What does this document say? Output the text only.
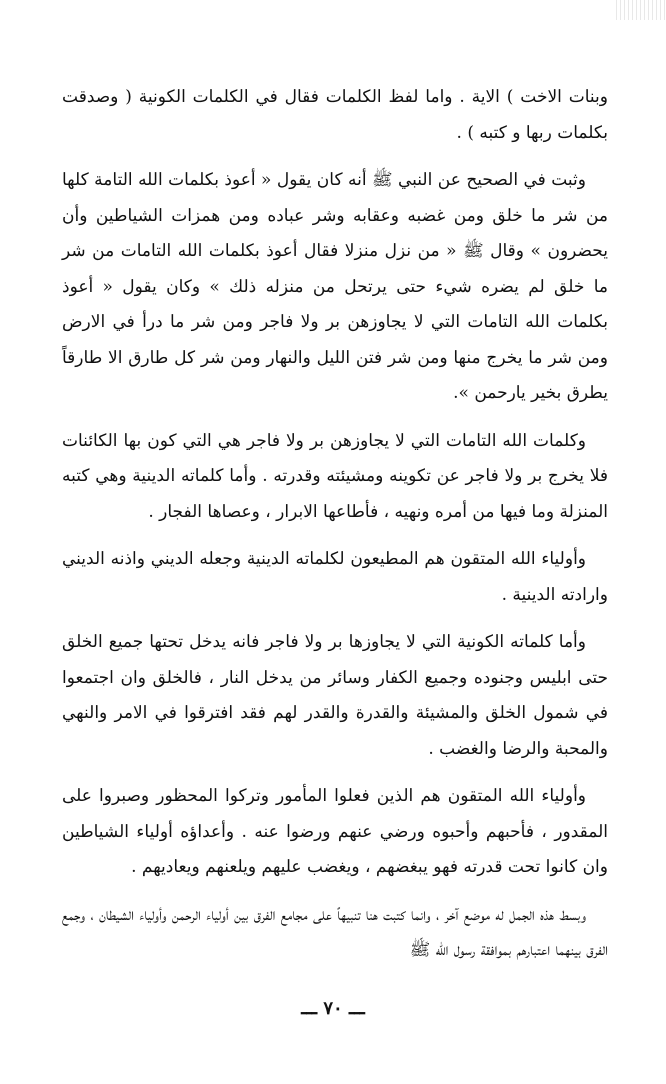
وبنات الاخت ) الاية . واما لفظ الكلمات فقال في الكلمات الكونية ( وصدقت بكلمات ربها و كتبه ) .

وثبت في الصحيح عن النبي ﷺ أنه كان يقول « أعوذ بكلمات الله التامة كلها من شر ما خلق ومن غضبه وعقابه وشر عباده ومن همزات الشياطين وأن يحضرون » وقال ﷺ « من نزل منزلا فقال أعوذ بكلمات الله التامات من شر ما خلق لم يضره شيء حتى يرتحل من منزله ذلك » وكان يقول « أعوذ بكلمات الله التامات التي لا يجاوزهن بر ولا فاجر ومن شر ما درأ في الارض ومن شر ما يخرج منها ومن شر فتن الليل والنهار ومن شر كل طارق الا طارقاً يطرق بخير يارحمن ».

وكلمات الله التامات التي لا يجاوزهن بر ولا فاجر هي التي كون بها الكائنات فلا يخرج بر ولا فاجر عن تكوينه ومشيئته وقدرته . وأما كلماته الدينية وهي كتبه المنزلة وما فيها من أمره ونهيه ، فأطاعها الابرار ، وعصاها الفجار .

وأولياء الله المتقون هم المطيعون لكلماته الدينية وجعله الديني واذنه الديني وارادته الدينية .

وأما كلماته الكونية التي لا يجاوزها بر ولا فاجر فانه يدخل تحتها جميع الخلق حتى ابليس وجنوده وجميع الكفار وسائر من يدخل النار ، فالخلق وان اجتمعوا في شمول الخلق والمشيئة والقدرة والقدر لهم فقد افترقوا في الامر والنهي والمحبة والرضا والغضب .

وأولياء الله المتقون هم الذين فعلوا المأمور وتركوا المحظور وصبروا على المقدور ، فأحبهم وأحبوه ورضي عنهم ورضوا عنه . وأعداؤه أولياء الشياطين وان كانوا تحت قدرته فهو يبغضهم ، ويغضب عليهم ويلعنهم ويعاديهم .

وبسط هذه الجمل له موضع آخر ، وانما كتبت هنا تنبيهاً على مجامع الفرق بين أولياء الرحمن وأولياء الشيطان ، وجمع الفرق بينهما اعتبارهم بموافقة رسول الله ﷺ

ـــ ٧٠ ـــ
